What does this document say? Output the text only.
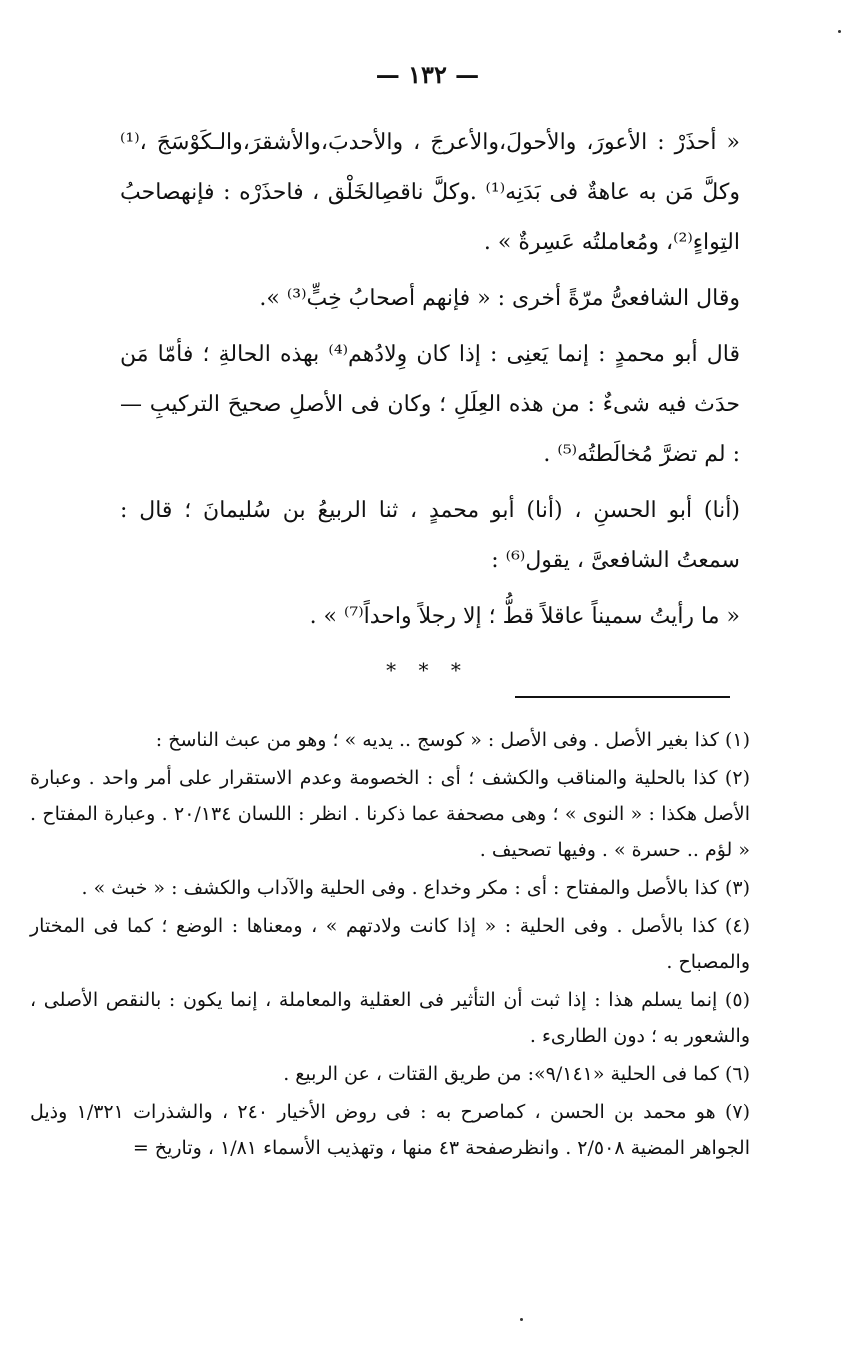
— ١٣٢ —

« أحذَرْ : الأعورَ، والأحولَ،والأعرجَ ، والأحدبَ،والأشقرَ،والـكَوْسَجَ ،⁽¹⁾ وكلَّ مَن به عاهةٌ فى بَدَنِه⁽¹⁾ .وكلَّ ناقصِالخَلْق ، فاحذَرْه : فإنهصاحبُ التِواءٍ⁽²⁾، ومُعاملتُه عَسِرةٌ » .

وقال الشافعىُّ مرّةً أخرى : « فإنهم أصحابُ خِبٍّ⁽³⁾ ».

قال أبو محمدٍ : إنما يَعنِى : إذا كان وِلادُهم⁽⁴⁾ بهذه الحالةِ ؛ فأمّا مَن حدَث فيه شىءٌ : من هذه العِلَلِ ؛ وكان فى الأصلِ صحيحَ التركيبِ — : لم تضرَّ مُخالَطتُه⁽⁵⁾ .

(أنا) أبو الحسنِ ، (أنا) أبو محمدٍ ، ثنا الربيعُ بن سُليمانَ ؛ قال : سمعتُ الشافعىَّ ، يقول⁽⁶⁾ :

« ما رأيتُ سميناً عاقلاً قطُّ ؛ إلا رجلاً واحداً⁽⁷⁾ » .

* * *

(١) كذا بغير الأصل . وفى الأصل : « كوسج .. يديه » ؛ وهو من عبث الناسخ :

(٢) كذا بالحلية والمناقب والكشف ؛ أى : الخصومة وعدم الاستقرار على أمر واحد . وعبارة الأصل هكذا : « النوى » ؛ وهى مصحفة عما ذكرنا . انظر : اللسان ٢٠/١٣٤ . وعبارة المفتاح . « لؤم .. حسرة » . وفيها تصحيف .

(٣) كذا بالأصل والمفتاح : أى : مكر وخداع . وفى الحلية والآداب والكشف : « خبث » .

(٤) كذا بالأصل . وفى الحلية : « إذا كانت ولادتهم » ، ومعناها : الوضع ؛ كما فى المختار والمصباح .

(٥) إنما يسلم هذا : إذا ثبت أن التأثير فى العقلية والمعاملة ، إنما يكون : بالنقص الأصلى ، والشعور به ؛ دون الطارىء .

(٦) كما فى الحلية «٩/١٤١»: من طريق القتات ، عن الربيع .

(٧) هو محمد بن الحسن ، كماصرح به : فى روض الأخيار ٢٤٠ ، والشذرات ١/٣٢١ وذيل الجواهر المضية ٢/٥٠٨ . وانظرصفحة ٤٣ منها ، وتهذيب الأسماء ١/٨١ ، وتاريخ =
